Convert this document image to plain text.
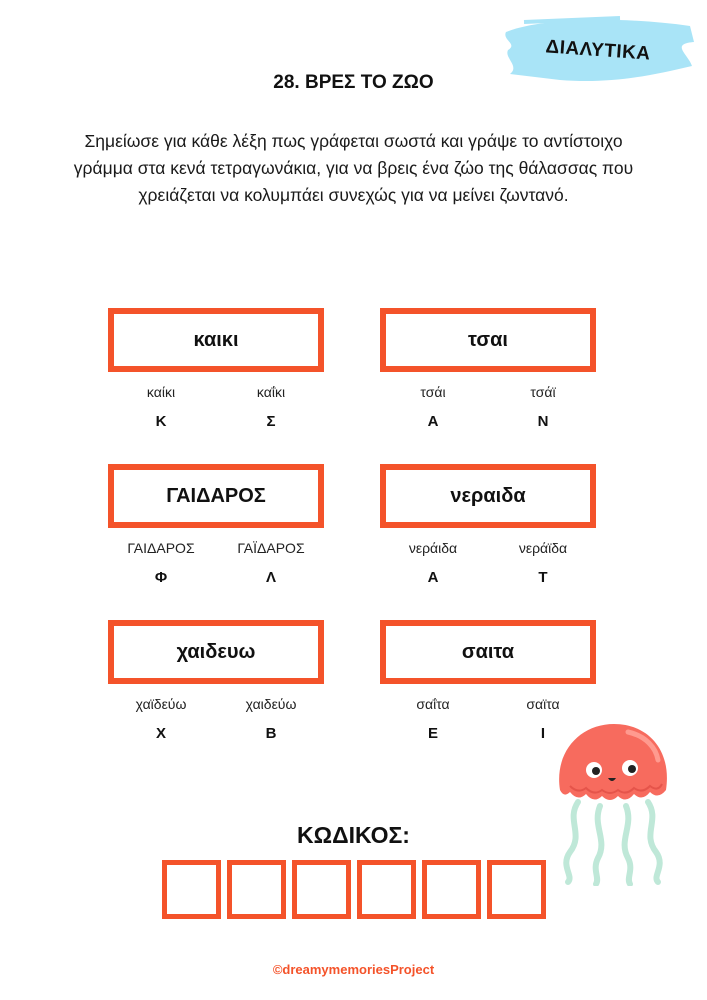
ΔΙΑΛΥΤΙΚΑ
28. ΒΡΕΣ ΤΟ ΖΩΟ
Σημείωσε για κάθε λέξη πως γράφεται σωστά και γράψε το αντίστοιχο γράμμα στα κενά τετραγωνάκια, για να βρεις ένα ζώο της θάλασσας που χρειάζεται να κολυμπάει συνεχώς για να μείνει ζωντανό.
καικι	τσαι
καίκι	καΐκι	τσάι	τσάϊ
Κ	Σ	Α	Ν
ΓΑΙΔΑΡΟΣ	νεραιδα
ΓΑΙΔΑΡΟΣ	ΓΑΪΔΑΡΟΣ	νεράιδα	νεράϊδα
Φ	Λ	Α	Τ
χαιδευω	σαιτα
χαϊδεύω	χαιδεύω	σαΐτα	σαϊτα
Χ	Β	Ε	Ι
ΚΩΔΙΚΟΣ:
©dreamymemoriesProject
